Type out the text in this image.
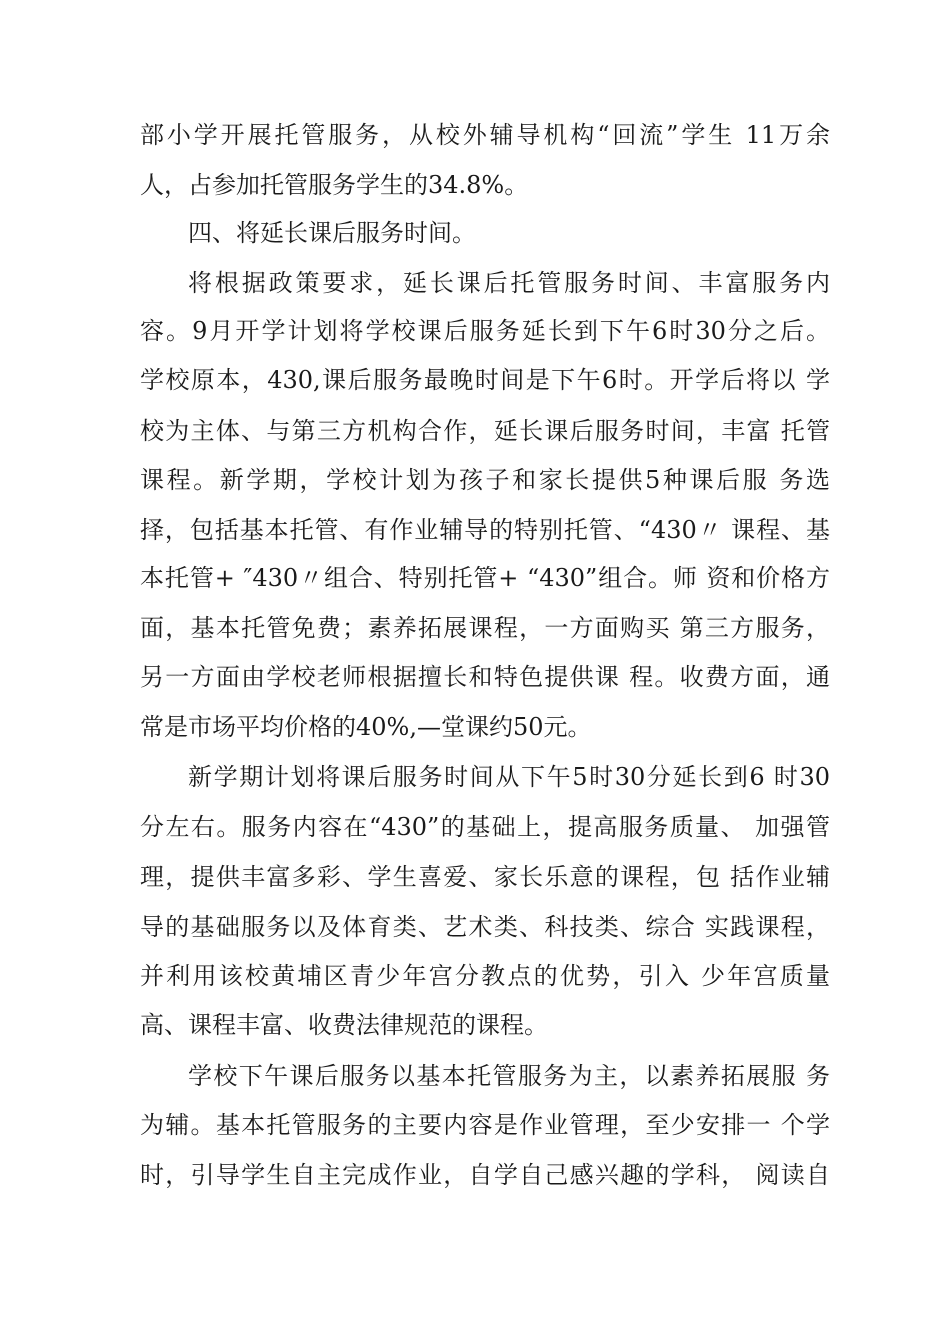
部小学开展托管服务，从校外辅导机构“回流”学生 11万余
人，占参加托管服务学生的34.8%。
四、将延长课后服务时间。
将根据政策要求，延长课后托管服务时间、丰富服务内
容。9月开学计划将学校课后服务延长到下午6时30分之后。
学校原本，430,课后服务最晚时间是下午6时。开学后将以 学
校为主体、与第三方机构合作，延长课后服务时间，丰富 托管
课程。新学期，学校计划为孩子和家长提供5种课后服 务选
择，包括基本托管、有作业辅导的特别托管、“430〃 课程、基
本托管+ ″430〃组合、特别托管+ “430”组合。师 资和价格方
面，基本托管免费；素养拓展课程，一方面购买 第三方服务，
另一方面由学校老师根据擅长和特色提供课 程。收费方面，通
常是市场平均价格的40%,—堂课约50元。
新学期计划将课后服务时间从下午5时30分延长到6 时30
分左右。服务内容在“430”的基础上，提高服务质量、 加强管
理，提供丰富多彩、学生喜爱、家长乐意的课程，包 括作业辅
导的基础服务以及体育类、艺术类、科技类、综合 实践课程，
并利用该校黄埔区青少年宫分教点的优势，引入 少年宫质量
高、课程丰富、收费法律规范的课程。
学校下午课后服务以基本托管服务为主，以素养拓展服 务
为辅。基本托管服务的主要内容是作业管理，至少安排一 个学
时，引导学生自主完成作业，自学自己感兴趣的学科， 阅读自
